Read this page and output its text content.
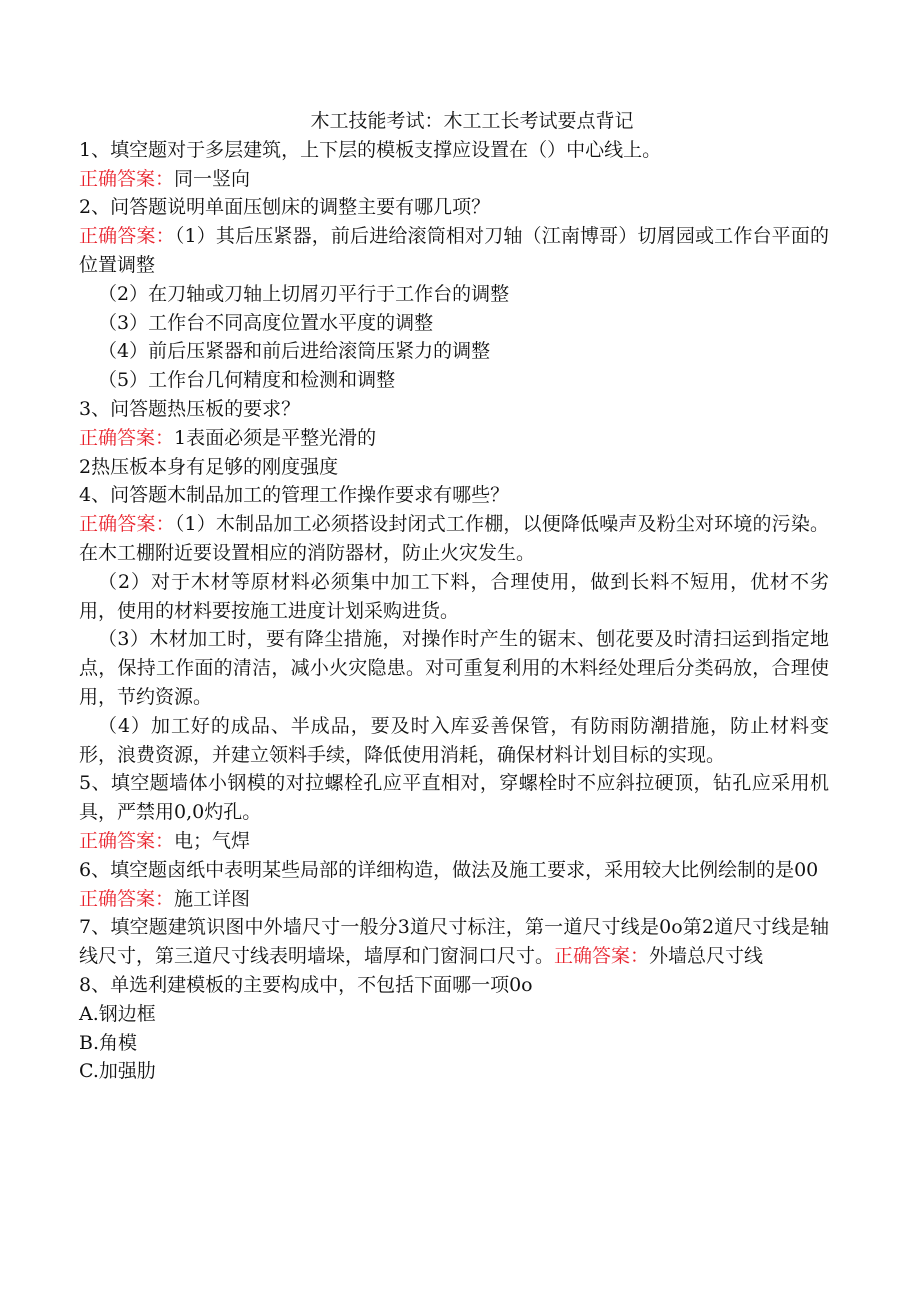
木工技能考试：木工工长考试要点背记

1、填空题对于多层建筑，上下层的模板支撑应设置在（）中心线上。

正确答案：同一竖向

2、问答题说明单面压刨床的调整主要有哪几项？

正确答案：（1）其后压紧器，前后进给滚筒相对刀轴（江南博哥）切屑园或工作台平面的位置调整

（2）在刀轴或刀轴上切屑刃平行于工作台的调整

（3）工作台不同高度位置水平度的调整

（4）前后压紧器和前后进给滚筒压紧力的调整

（5）工作台几何精度和检测和调整

3、问答题热压板的要求？

正确答案：1表面必须是平整光滑的

2热压板本身有足够的刚度强度

4、问答题木制品加工的管理工作操作要求有哪些？

正确答案：（1）木制品加工必须搭设封闭式工作棚，以便降低噪声及粉尘对环境的污染。在木工棚附近要设置相应的消防器材，防止火灾发生。

（2）对于木材等原材料必须集中加工下料，合理使用，做到长料不短用，优材不劣用，使用的材料要按施工进度计划采购进货。

（3）木材加工时，要有降尘措施，对操作时产生的锯末、刨花要及时清扫运到指定地点，保持工作面的清洁，减小火灾隐患。对可重复利用的木料经处理后分类码放，合理使用，节约资源。

（4）加工好的成品、半成品，要及时入库妥善保管，有防雨防潮措施，防止材料变形，浪费资源，并建立领料手续，降低使用消耗，确保材料计划目标的实现。

5、填空题墙体小钢模的对拉螺栓孔应平直相对，穿螺栓时不应斜拉硬顶，钻孔应采用机具，严禁用0,0灼孔。

正确答案：电；气焊

6、填空题卤纸中表明某些局部的详细构造，做法及施工要求，采用较大比例绘制的是00

正确答案：施工详图

7、填空题建筑识图中外墙尺寸一般分3道尺寸标注，第一道尺寸线是0o第2道尺寸线是轴线尺寸，第三道尺寸线表明墙垛，墙厚和门窗洞口尺寸。正确答案：外墙总尺寸线

8、单选利建模板的主要构成中，不包括下面哪一项0o

A.钢边框

B.角模

C.加强肋
